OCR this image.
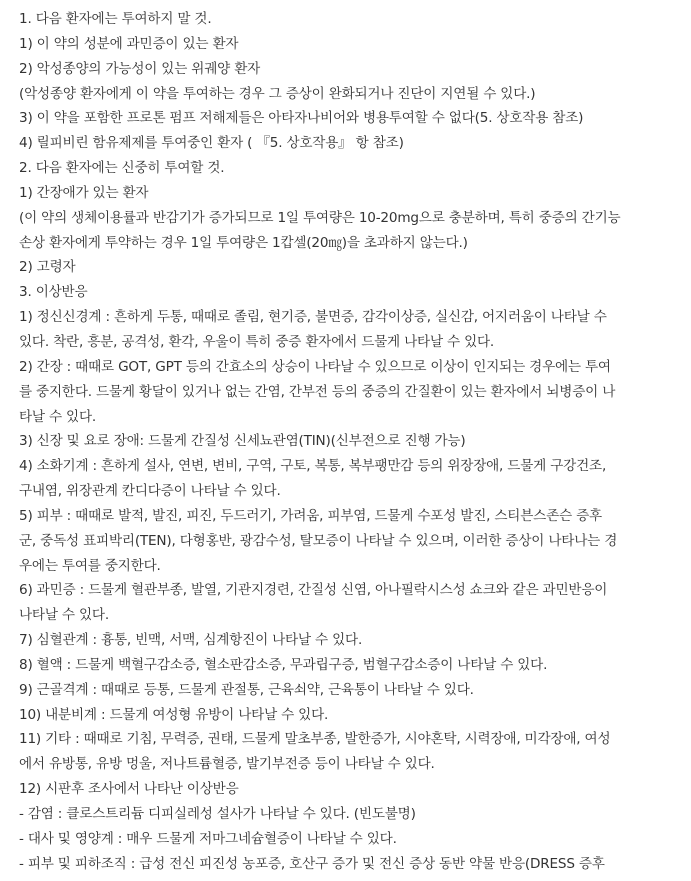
1. 다음 환자에는 투여하지 말 것.
1) 이 약의 성분에 과민증이 있는 환자
2) 악성종양의 가능성이 있는 위궤양 환자
(악성종양 환자에게 이 약을 투여하는 경우 그 증상이 완화되거나 진단이 지연될 수 있다.)
3) 이 약을 포함한 프로톤 펌프 저해제들은 아타자나비어와 병용투여할 수 없다(5. 상호작용 참조)
4) 릴피비린 함유제제를 투여중인 환자 ( 『5. 상호작용』 항 참조)
2. 다음 환자에는 신중히 투여할 것.
1) 간장애가 있는 환자
(이 약의 생체이용률과 반감기가 증가되므로 1일 투여량은 10-20mg으로 충분하며, 특히 중증의 간기능
손상 환자에게 투약하는 경우 1일 투여량은 1캅셀(20㎎)을 초과하지 않는다.)
2) 고령자
3. 이상반응
1) 정신신경계 : 흔하게 두통, 때때로 졸림, 현기증, 불면증, 감각이상증, 실신감, 어지러움이 나타날 수
있다. 착란, 흥분, 공격성, 환각, 우울이 특히 중증 환자에서 드물게 나타날 수 있다.
2) 간장 : 때때로 GOT, GPT 등의 간효소의 상승이 나타날 수 있으므로 이상이 인지되는 경우에는 투여
를 중지한다. 드물게 황달이 있거나 없는 간염, 간부전 등의 중증의 간질환이 있는 환자에서 뇌병증이 나
타날 수 있다.
3) 신장 및 요로 장애: 드물게 간질성 신세뇨관염(TIN)(신부전으로 진행 가능)
4) 소화기계 : 흔하게 설사, 연변, 변비, 구역, 구토, 복통, 복부팽만감 등의 위장장애, 드물게 구강건조,
구내염, 위장관계 칸디다증이 나타날 수 있다.
5) 피부 : 때때로 발적, 발진, 피진, 두드러기, 가려움, 피부염, 드물게 수포성 발진, 스티븐스존슨 증후
군, 중독성 표피박리(TEN), 다형홍반, 광감수성, 탈모증이 나타날 수 있으며, 이러한 증상이 나타나는 경
우에는 투여를 중지한다.
6) 과민증 : 드물게 혈관부종, 발열, 기관지경련, 간질성 신염, 아나필락시스성 쇼크와 같은 과민반응이
나타날 수 있다.
7) 심혈관계 : 흉통, 빈맥, 서맥, 심계항진이 나타날 수 있다.
8) 혈액 : 드물게 백혈구감소증, 혈소판감소증, 무과립구증, 범혈구감소증이 나타날 수 있다.
9) 근골격계 : 때때로 등통, 드물게 관절통, 근육쇠약, 근육통이 나타날 수 있다.
10) 내분비계 : 드물게 여성형 유방이 나타날 수 있다.
11) 기타 : 때때로 기침, 무력증, 권태, 드물게 말초부종, 발한증가, 시야혼탁, 시력장애, 미각장애, 여성
에서 유방통, 유방 멍울, 저나트륨혈증, 발기부전증 등이 나타날 수 있다.
12) 시판후 조사에서 나타난 이상반응
- 감염 : 클로스트리듐 디피실레성 설사가 나타날 수 있다. (빈도불명)
- 대사 및 영양계 : 매우 드물게 저마그네슘혈증이 나타날 수 있다.
- 피부 및 피하조직 : 급성 전신 피진성 농포증, 호산구 증가 및 전신 증상 동반 약물 반응(DRESS 증후
